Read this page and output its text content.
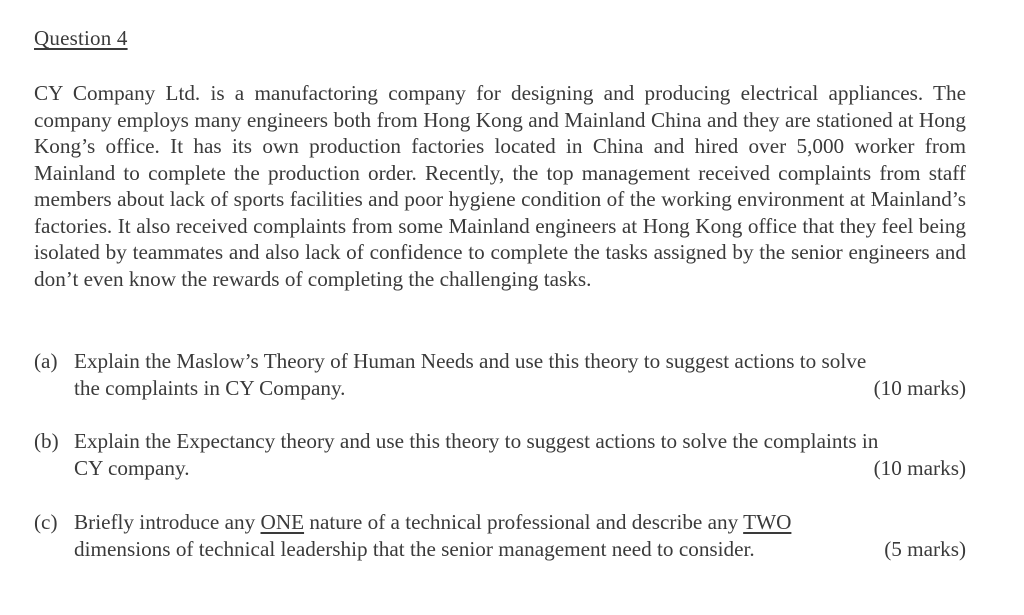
Question 4
CY Company Ltd. is a manufactoring company for designing and producing electrical appliances. The company employs many engineers both from Hong Kong and Mainland China and they are stationed at Hong Kong’s office. It has its own production factories located in China and hired over 5,000 worker from Mainland to complete the production order. Recently, the top management received complaints from staff members about lack of sports facilities and poor hygiene condition of the working environment at Mainland’s factories. It also received complaints from some Mainland engineers at Hong Kong office that they feel being isolated by teammates and also lack of confidence to complete the tasks assigned by the senior engineers and don’t even know the rewards of completing the challenging tasks.
(a) Explain the Maslow’s Theory of Human Needs and use this theory to suggest actions to solve
the complaints in CY Company.	(10 marks)
(b) Explain the Expectancy theory and use this theory to suggest actions to solve the complaints in
CY company.	(10 marks)
(c) Briefly introduce any ONE nature of a technical professional and describe any TWO
dimensions of technical leadership that the senior management need to consider.	(5 marks)
